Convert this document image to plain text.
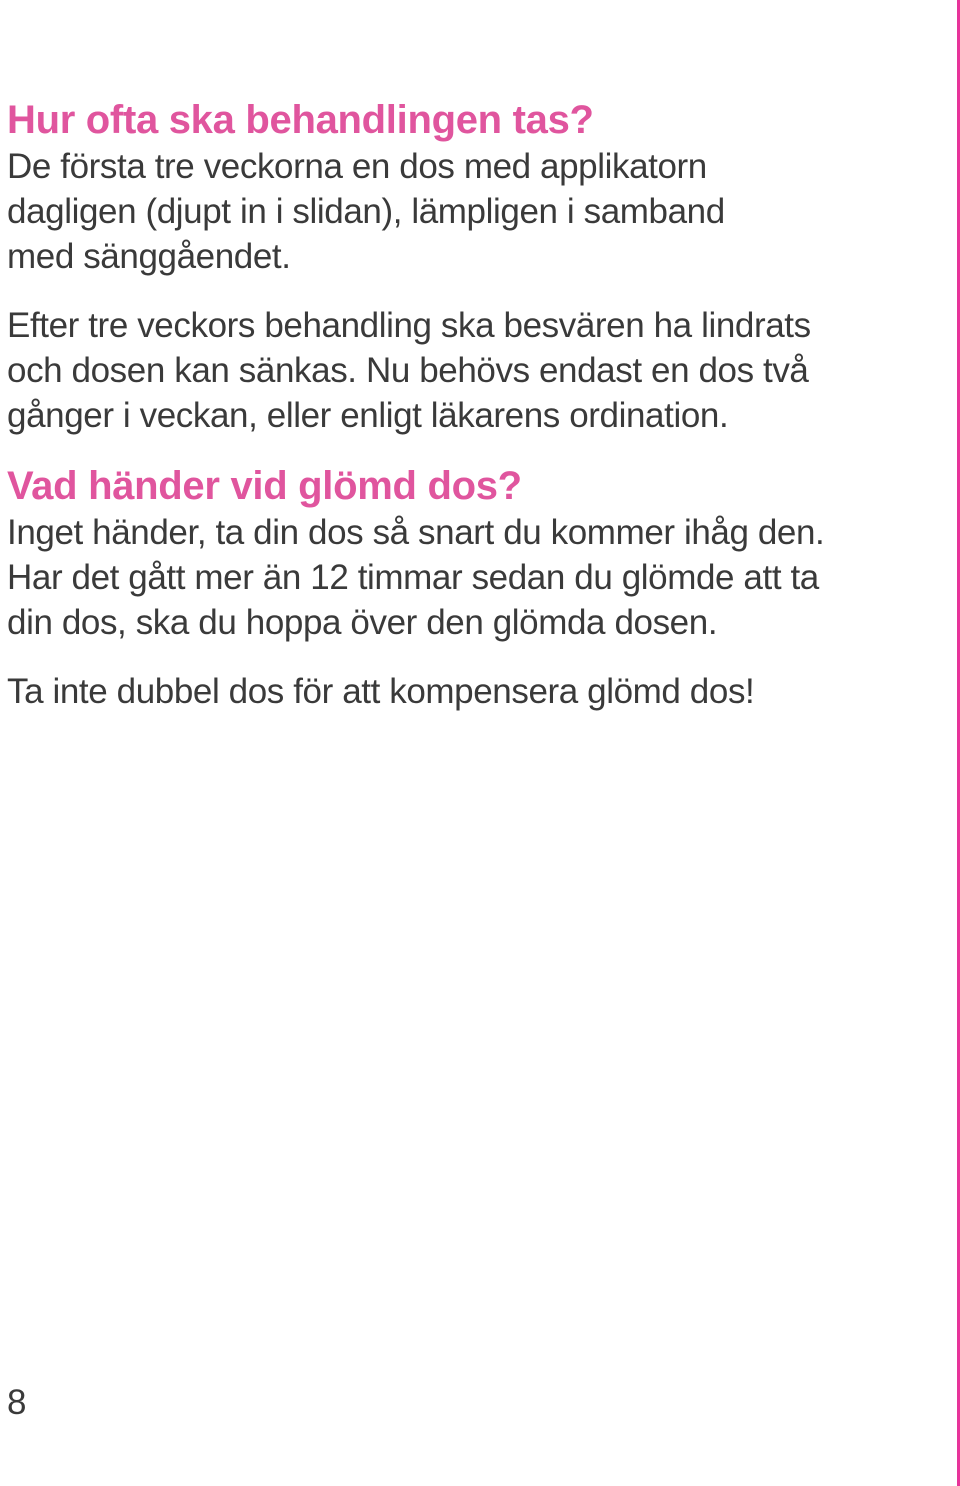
Hur ofta ska behandlingen tas?

De första tre veckorna en dos med applikatorn
dagligen (djupt in i slidan), lämpligen i samband
med sänggåendet.

Efter tre veckors behandling ska besvären ha lindrats
och dosen kan sänkas. Nu behövs endast en dos två
gånger i veckan, eller enligt läkarens ordination.

Vad händer vid glömd dos?

Inget händer, ta din dos så snart du kommer ihåg den.
Har det gått mer än 12 timmar sedan du glömde att ta
din dos, ska du hoppa över den glömda dosen.

Ta inte dubbel dos för att kompensera glömd dos!

8
